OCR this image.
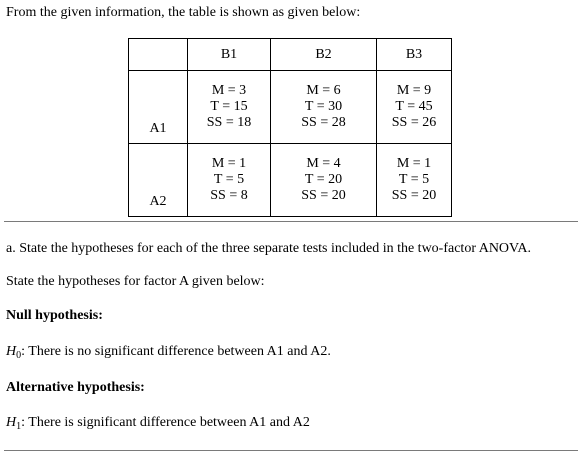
From the given information, the table is shown as given below:
	B1	B2	B3
A1	M = 3
T = 15
SS = 18	M = 6
T = 30
SS = 28	M = 9
T = 45
SS = 26

A2	M = 1
T = 5
SS = 8	M = 4
T = 20
SS = 20	M = 1
T = 5
SS = 20
a. State the hypotheses for each of the three separate tests included in the two-factor ANOVA.
State the hypotheses for factor A given below:
Null hypothesis:
$H_0$: There is no significant difference between A1 and A2.
Alternative hypothesis:
$H_1$: There is significant difference between A1 and A2
